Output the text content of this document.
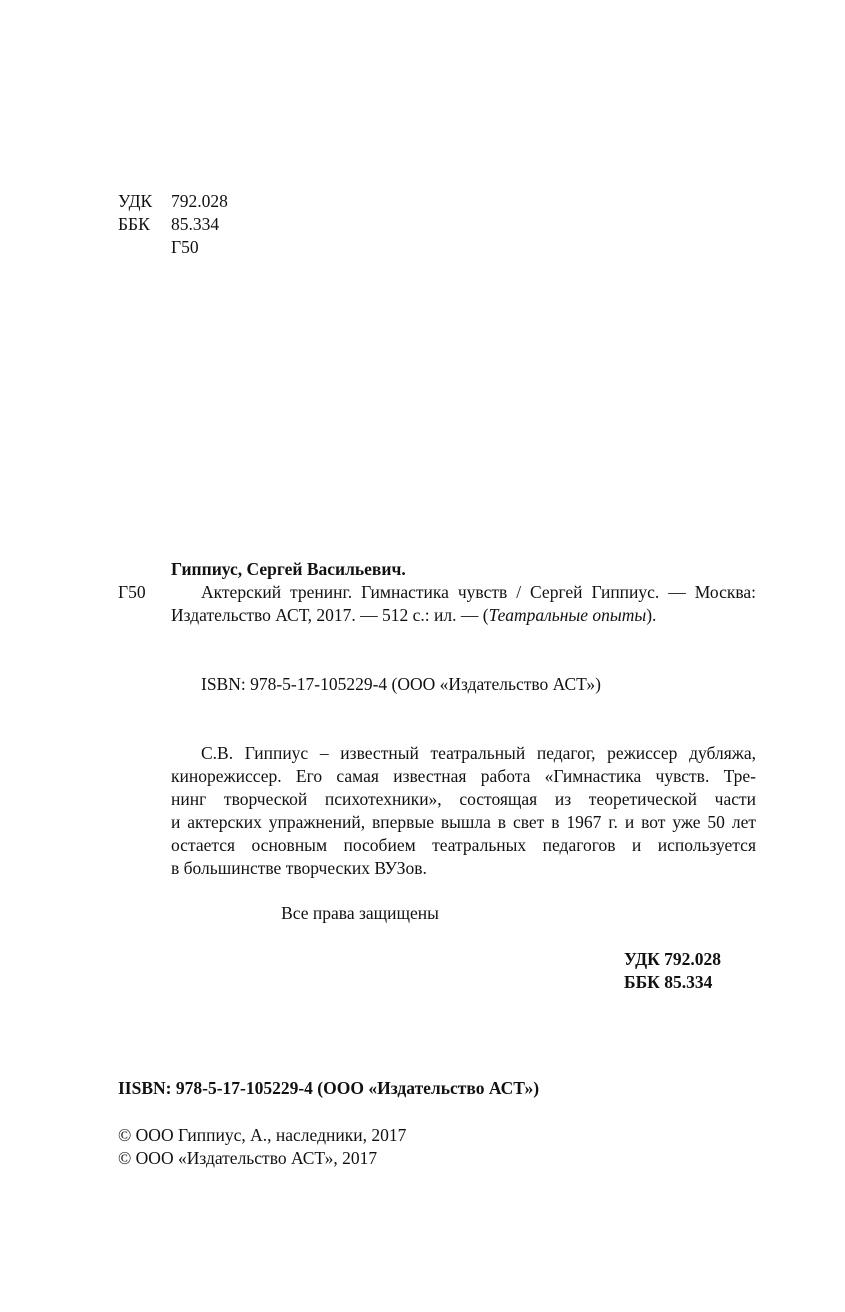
УДК 792.028
ББК 85.334
Г50
Гиппиус, Сергей Васильевич.
Г50	Актерский тренинг. Гимнастика чувств / Сергей Гиппиус. — Москва:
Издательство АСТ, 2017. — 512 с.: ил. — (Театральные опыты).
ISBN: 978-5-17-105229-4 (ООО «Издательство АСТ»)
С.В. Гиппиус – известный театральный педагог, режиссер дубляжа,
кинорежиссер. Его самая известная работа «Гимнастика чувств. Тре-
нинг творческой психотехники», состоящая из теоретической части
и актерских упражнений, впервые вышла в свет в 1967 г. и вот уже 50 лет
остается основным пособием театральных педагогов и используется
в большинстве творческих ВУЗов.
Все права защищены
УДК 792.028
ББК 85.334
IISBN: 978-5-17-105229-4 (ООО «Издательство АСТ»)
© ООО Гиппиус, А., наследники, 2017
© ООО «Издательство АСТ», 2017
